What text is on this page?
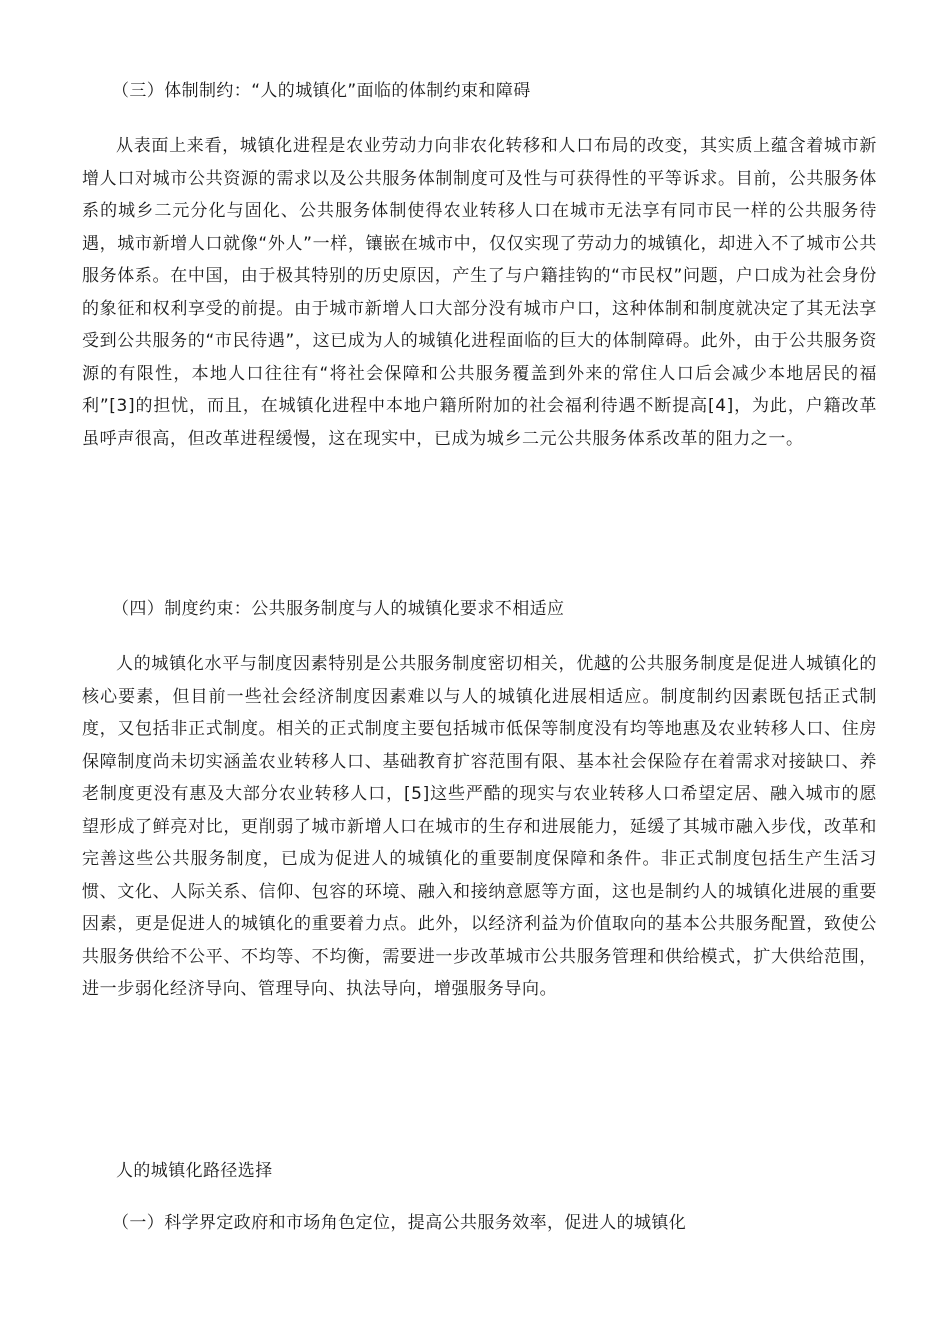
（三）体制制约：“人的城镇化”面临的体制约束和障碍
从表面上来看，城镇化进程是农业劳动力向非农化转移和人口布局的改变，其实质上蕴含着城市新增人口对城市公共资源的需求以及公共服务体制制度可及性与可获得性的平等诉求。目前，公共服务体系的城乡二元分化与固化、公共服务体制使得农业转移人口在城市无法享有同市民一样的公共服务待遇，城市新增人口就像“外人”一样，镶嵌在城市中，仅仅实现了劳动力的城镇化，却进入不了城市公共服务体系。在中国，由于极其特别的历史原因，产生了与户籍挂钩的“市民权”问题，户口成为社会身份的象征和权利享受的前提。由于城市新增人口大部分没有城市户口，这种体制和制度就决定了其无法享受到公共服务的“市民待遇”，这已成为人的城镇化进程面临的巨大的体制障碍。此外，由于公共服务资源的有限性，本地人口往往有“将社会保障和公共服务覆盖到外来的常住人口后会减少本地居民的福利”[3]的担忧，而且，在城镇化进程中本地户籍所附加的社会福利待遇不断提高[4]，为此，户籍改革虽呼声很高，但改革进程缓慢，这在现实中，已成为城乡二元公共服务体系改革的阻力之一。
（四）制度约束：公共服务制度与人的城镇化要求不相适应
人的城镇化水平与制度因素特别是公共服务制度密切相关，优越的公共服务制度是促进人城镇化的核心要素，但目前一些社会经济制度因素难以与人的城镇化进展相适应。制度制约因素既包括正式制度，又包括非正式制度。相关的正式制度主要包括城市低保等制度没有均等地惠及农业转移人口、住房保障制度尚未切实涵盖农业转移人口、基础教育扩容范围有限、基本社会保险存在着需求对接缺口、养老制度更没有惠及大部分农业转移人口，[5]这些严酷的现实与农业转移人口希望定居、融入城市的愿望形成了鲜亮对比，更削弱了城市新增人口在城市的生存和进展能力，延缓了其城市融入步伐，改革和完善这些公共服务制度，已成为促进人的城镇化的重要制度保障和条件。非正式制度包括生产生活习惯、文化、人际关系、信仰、包容的环境、融入和接纳意愿等方面，这也是制约人的城镇化进展的重要因素，更是促进人的城镇化的重要着力点。此外，以经济利益为价值取向的基本公共服务配置，致使公共服务供给不公平、不均等、不均衡，需要进一步改革城市公共服务管理和供给模式，扩大供给范围，进一步弱化经济导向、管理导向、执法导向，增强服务导向。
人的城镇化路径选择
（一）科学界定政府和市场角色定位，提高公共服务效率，促进人的城镇化
